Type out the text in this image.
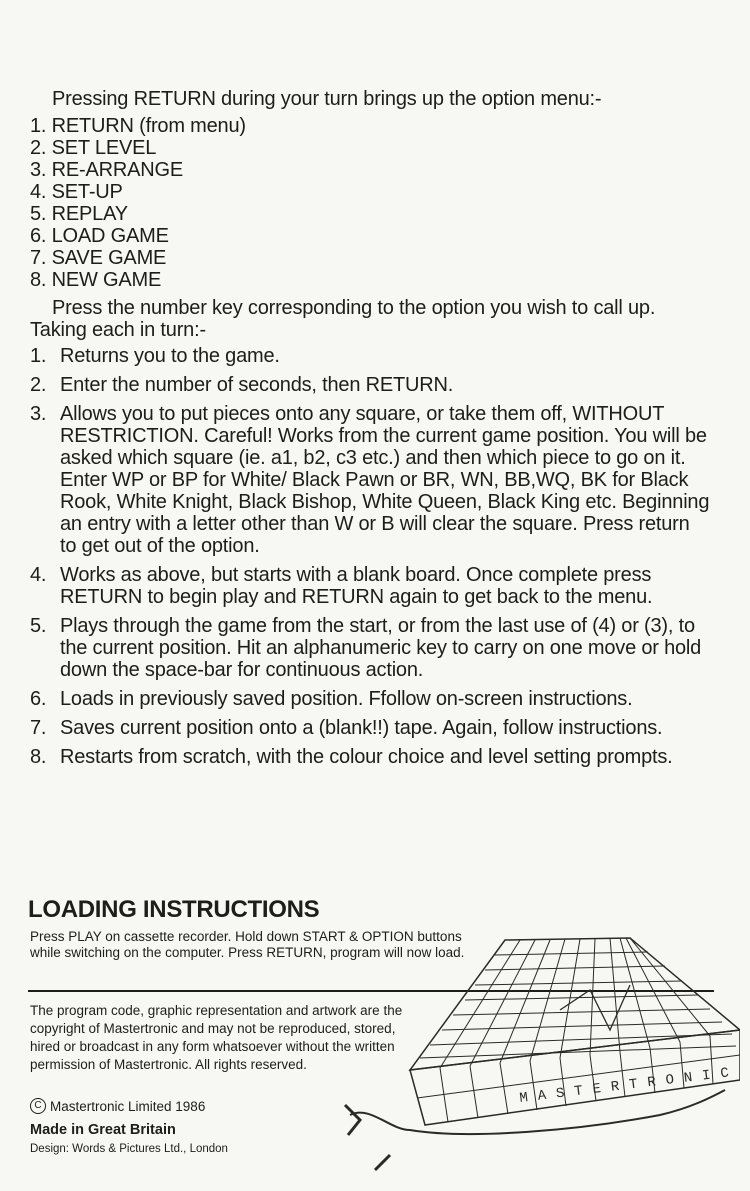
Pressing RETURN during your turn brings up the option menu:-
1. RETURN (from menu)
2. SET LEVEL
3. RE-ARRANGE
4. SET-UP
5. REPLAY
6. LOAD GAME
7. SAVE GAME
8. NEW GAME
Press the number key corresponding to the option you wish to call up. Taking each in turn:-
1. Returns you to the game.
2. Enter the number of seconds, then RETURN.
3. Allows you to put pieces onto any square, or take them off, WITHOUT RESTRICTION. Careful! Works from the current game position. You will be asked which square (ie. a1, b2, c3 etc.) and then which piece to go on it. Enter WP or BP for White/ Black Pawn or BR, WN, BB,WQ, BK for Black Rook, White Knight, Black Bishop, White Queen, Black King etc. Beginning an entry with a letter other than W or B will clear the square. Press return to get out of the option.
4. Works as above, but starts with a blank board. Once complete press RETURN to begin play and RETURN again to get back to the menu.
5. Plays through the game from the start, or from the last use of (4) or (3), to the current position. Hit an alphanumeric key to carry on one move or hold down the space-bar for continuous action.
6. Loads in previously saved position. Ffollow on-screen instructions.
7. Saves current position onto a (blank!!) tape. Again, follow instructions.
8. Restarts from scratch, with the colour choice and level setting prompts.
LOADING INSTRUCTIONS
Press PLAY on cassette recorder. Hold down START & OPTION buttons while switching on the computer. Press RETURN, program will now load.
The program code, graphic representation and artwork are the copyright of Mastertronic and may not be reproduced, stored, hired or broadcast in any form whatsoever without the written permission of Mastertronic. All rights reserved.
C Mastertronic Limited 1986
Made in Great Britain
Design: Words & Pictures Ltd., London
MASTERTRONIC
